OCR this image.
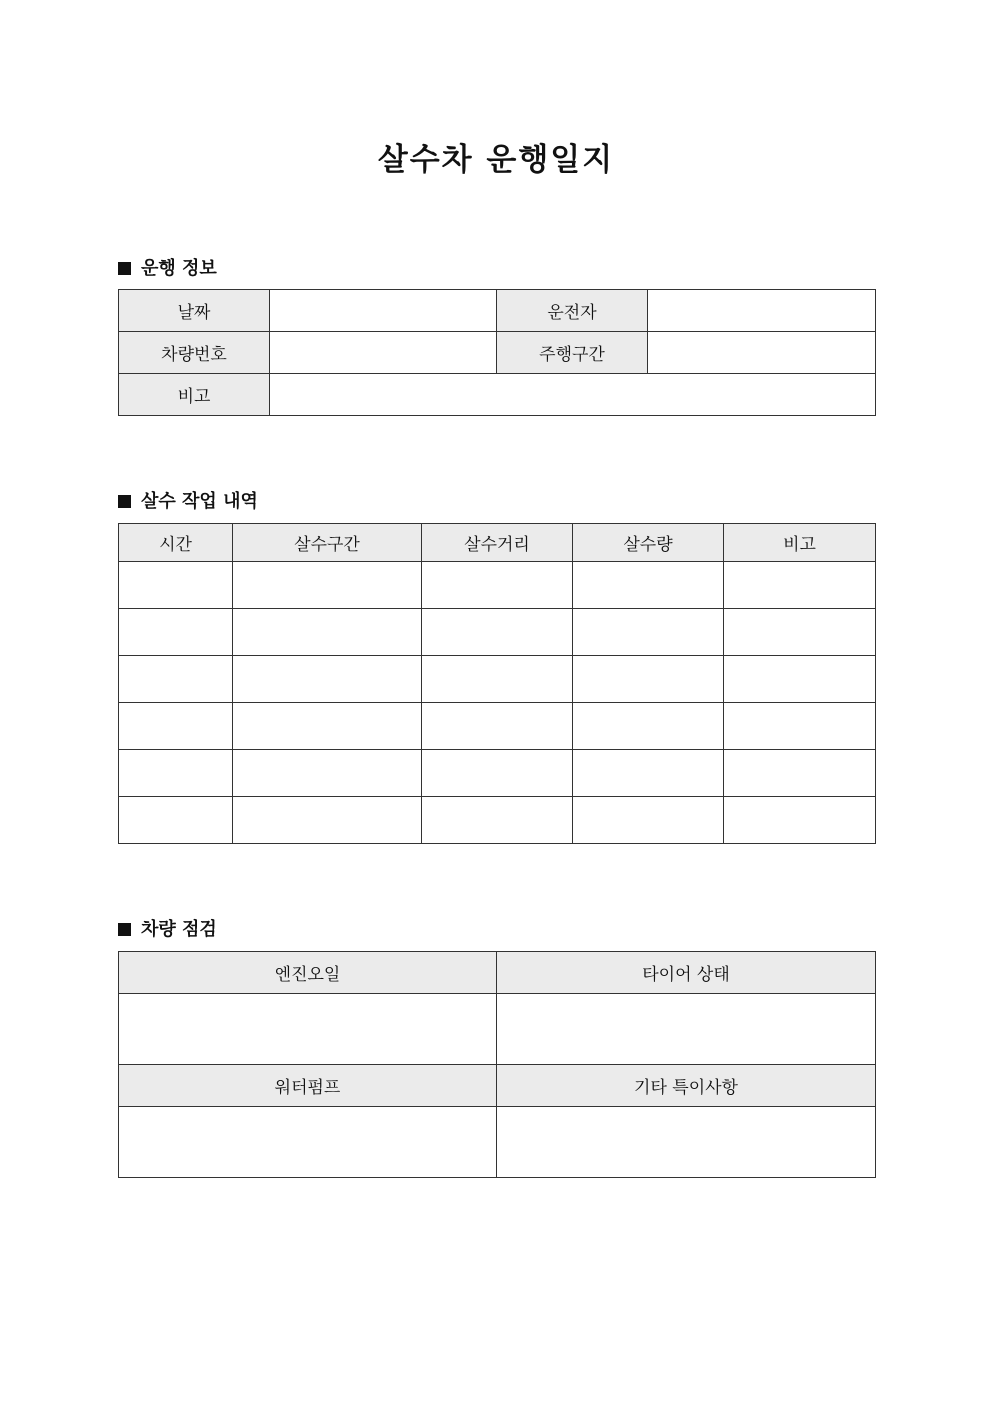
살수차 운행일지
운행 정보
날짜		운전자	
차량번호		주행구간	
비고			
살수 작업 내역
시간	살수구간	살수거리	살수량	비고

차량 점검
엔진오일	타이어 상태

워터펌프	기타 특이사항
